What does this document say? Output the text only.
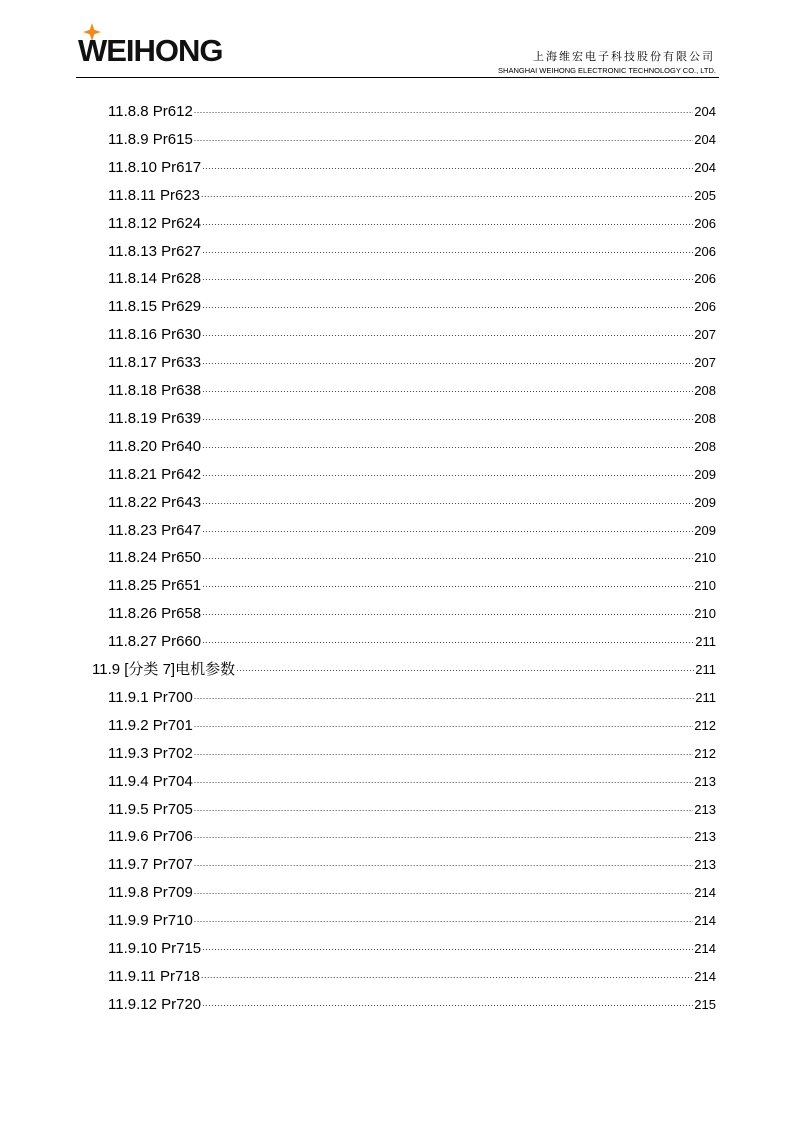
WEIHONG	上海维宏电子科技股份有限公司
SHANGHAI WEIHONG ELECTRONIC TECHNOLOGY CO., LTD.
11.8.8 Pr612 .....	204
11.8.9 Pr615 .....	204
11.8.10 Pr617 .....	204
11.8.11 Pr623 .....	205
11.8.12 Pr624 .....	206
11.8.13 Pr627 .....	206
11.8.14 Pr628 .....	206
11.8.15 Pr629 .....	206
11.8.16 Pr630 .....	207
11.8.17 Pr633 .....	207
11.8.18 Pr638 .....	208
11.8.19 Pr639 .....	208
11.8.20 Pr640 .....	208
11.8.21 Pr642 .....	209
11.8.22 Pr643 .....	209
11.8.23 Pr647 .....	209
11.8.24 Pr650 .....	210
11.8.25 Pr651 .....	210
11.8.26 Pr658 .....	210
11.8.27 Pr660 .....	211
11.9 [分类 7]电机参数 .....	211
11.9.1 Pr700 .....	211
11.9.2 Pr701 .....	212
11.9.3 Pr702 .....	212
11.9.4 Pr704 .....	213
11.9.5 Pr705 .....	213
11.9.6 Pr706 .....	213
11.9.7 Pr707 .....	213
11.9.8 Pr709 .....	214
11.9.9 Pr710 .....	214
11.9.10 Pr715 .....	214
11.9.11 Pr718 .....	214
11.9.12 Pr720 .....	215
